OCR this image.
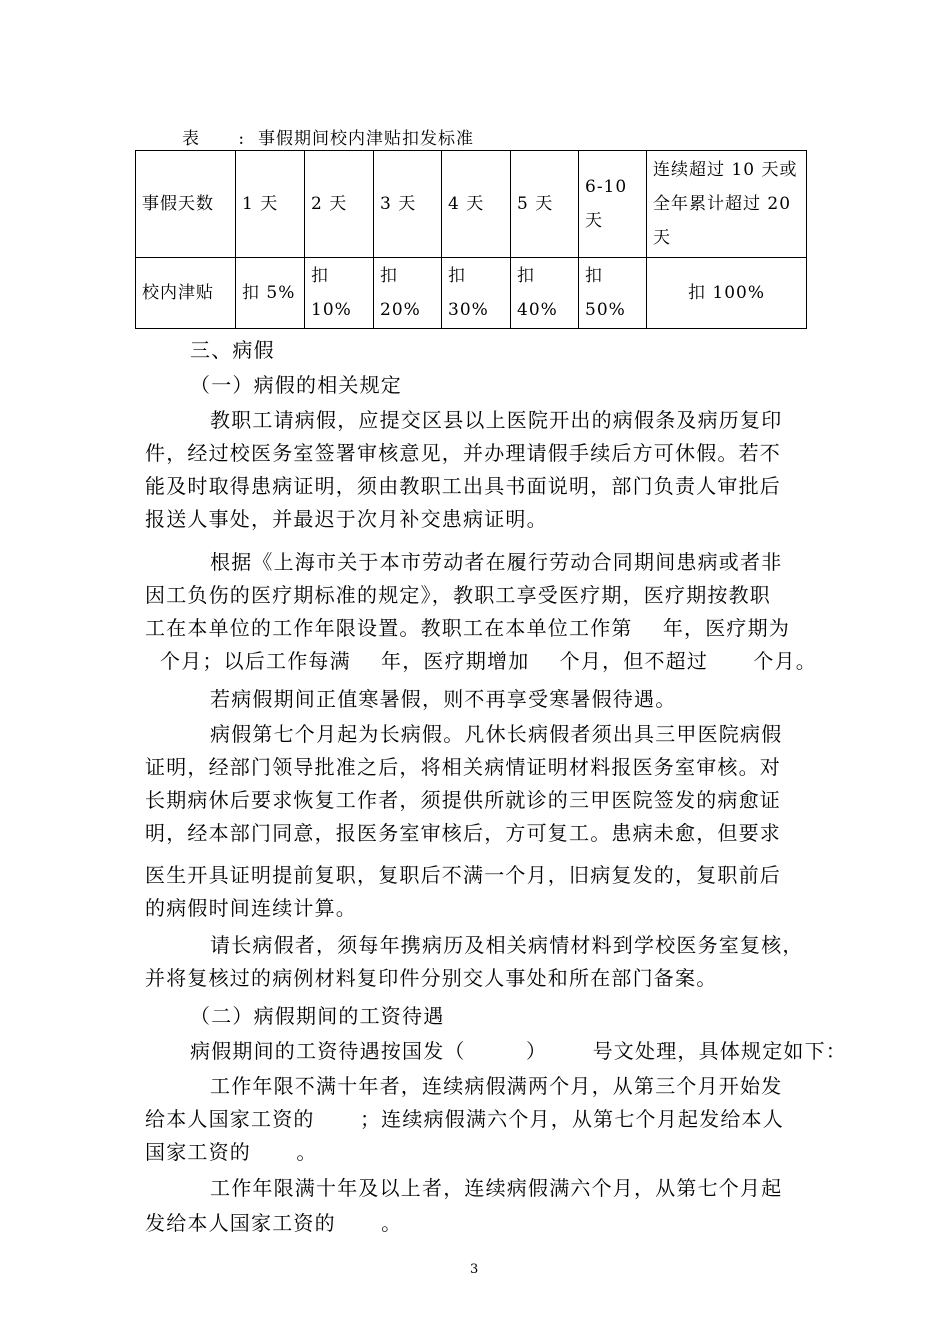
表      :  事假期间校内津贴扣发标准
事假天数	1 天	2 天	3 天	4 天	5 天	6-10 天	连续超过 10 天或全年累计超过 20 天
校内津贴	扣 5%	扣 10%	扣 20%	扣 30%	扣 40%	扣 50%	扣 100%
三、病假
（一）病假的相关规定
教职工请病假，应提交区县以上医院开出的病假条及病历复印
件，经过校医务室签署审核意见，并办理请假手续后方可休假。若不
能及时取得患病证明，须由教职工出具书面说明，部门负责人审批后
报送人事处，并最迟于次月补交患病证明。
根据《上海市关于本市劳动者在履行劳动合同期间患病或者非
因工负伤的医疗期标准的规定》，教职工享受医疗期，医疗期按教职
工在本单位的工作年限设置。教职工在本单位工作第    年，医疗期为
个月；以后工作每满    年，医疗期增加    个月，但不超过      个月。
若病假期间正值寒暑假，则不再享受寒暑假待遇。
病假第七个月起为长病假。凡休长病假者须出具三甲医院病假
证明，经部门领导批准之后，将相关病情证明材料报医务室审核。对
长期病休后要求恢复工作者，须提供所就诊的三甲医院签发的病愈证
明，经本部门同意，报医务室审核后，方可复工。患病未愈，但要求
医生开具证明提前复职，复职后不满一个月，旧病复发的，复职前后
的病假时间连续计算。
请长病假者，须每年携病历及相关病情材料到学校医务室复核，
并将复核过的病例材料复印件分别交人事处和所在部门备案。
（二）病假期间的工资待遇
病假期间的工资待遇按国发（        ）      号文处理，具体规定如下：
工作年限不满十年者，连续病假满两个月，从第三个月开始发
给本人国家工资的      ；连续病假满六个月，从第七个月起发给本人
国家工资的      。
工作年限满十年及以上者，连续病假满六个月，从第七个月起
发给本人国家工资的      。
3
